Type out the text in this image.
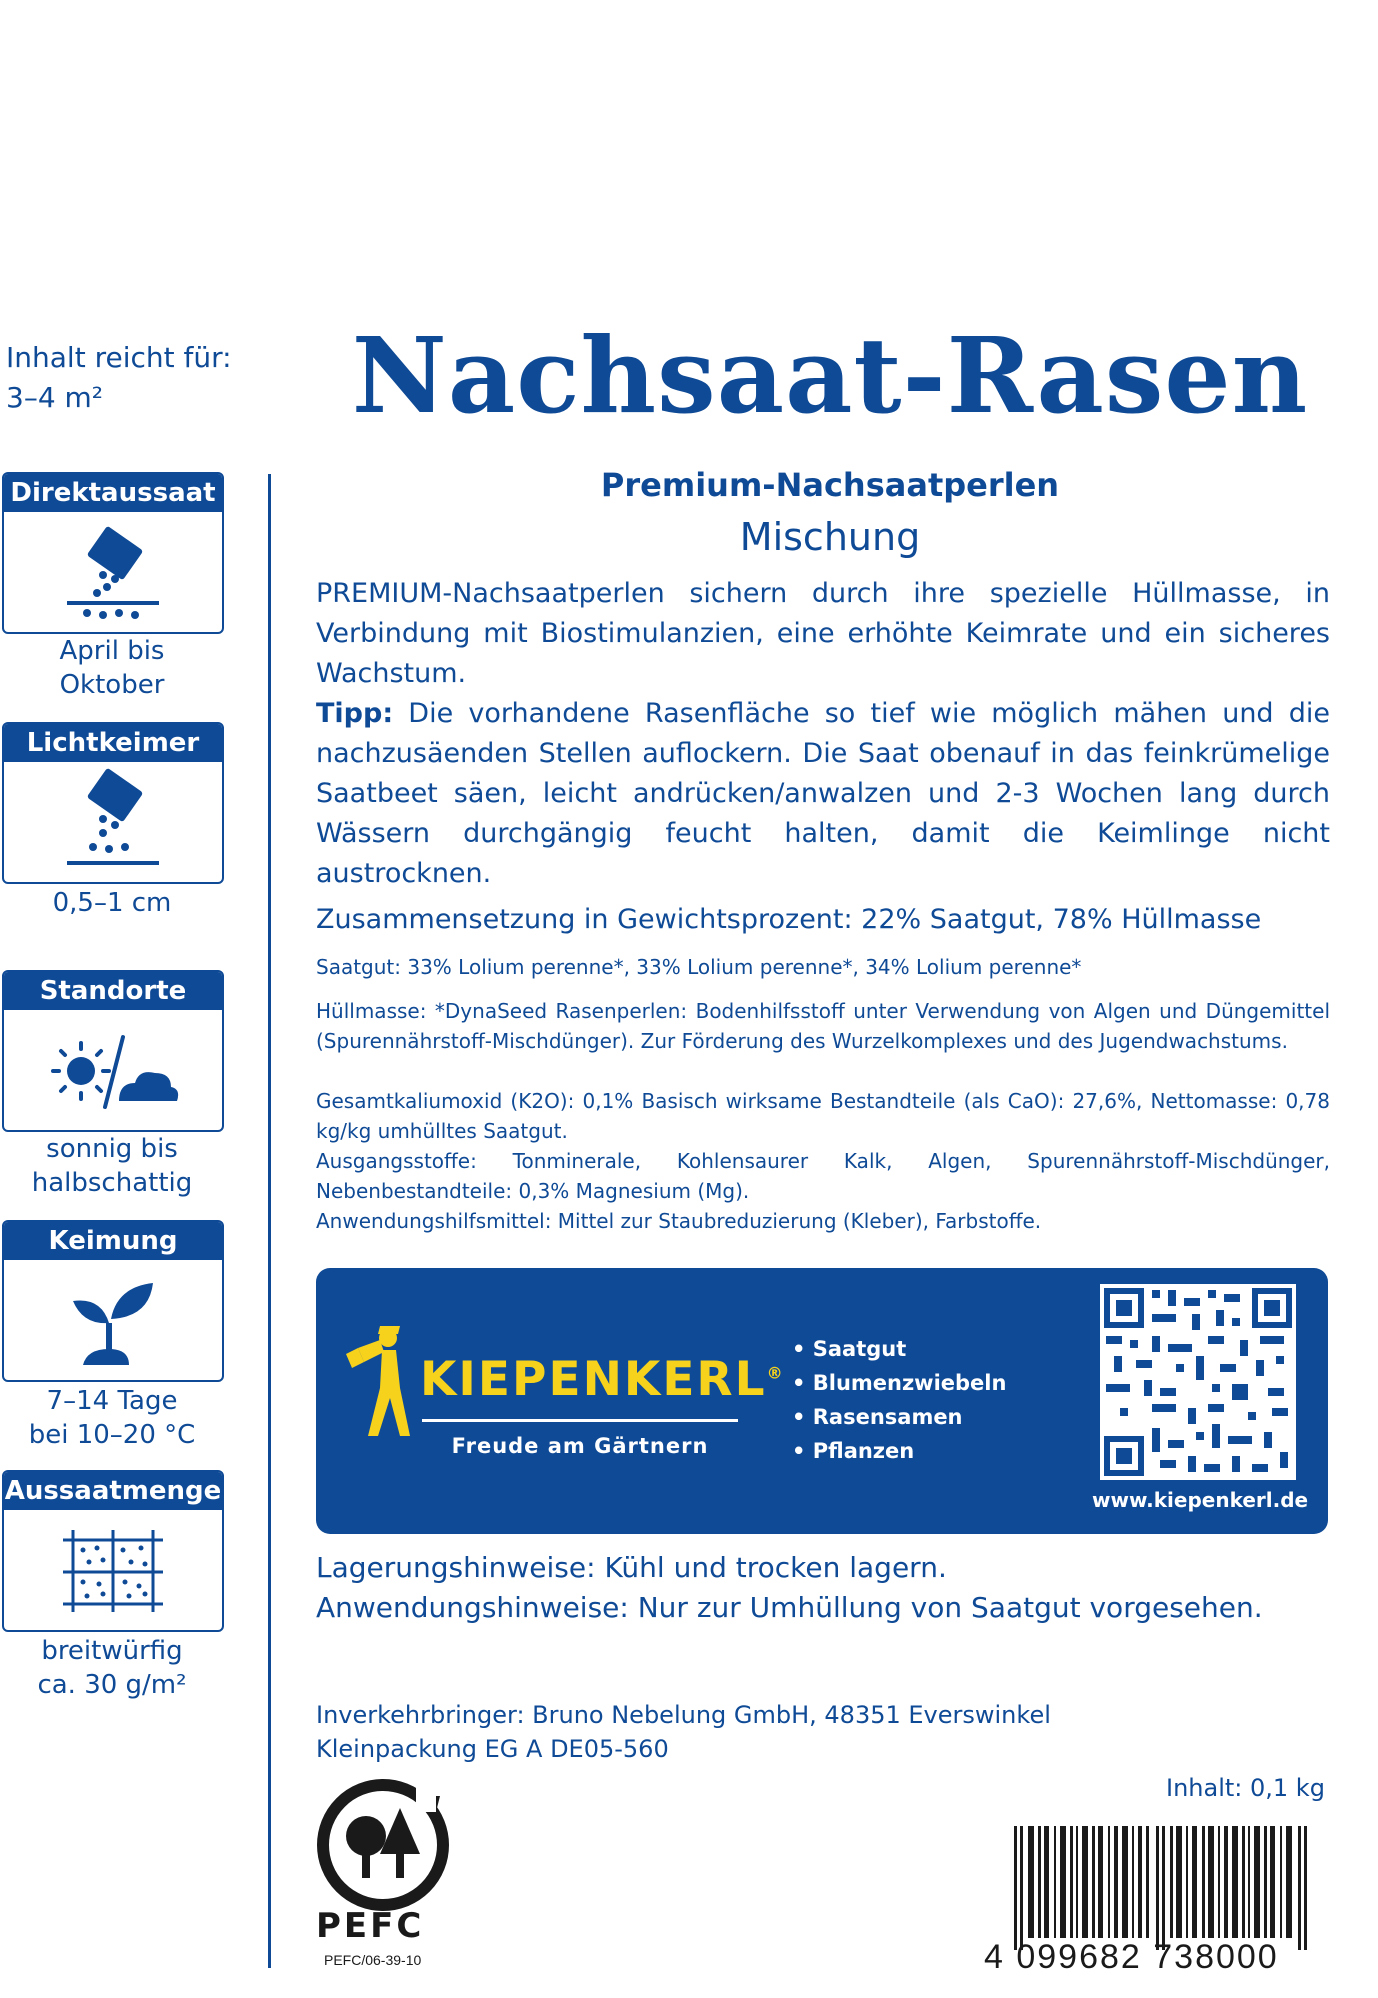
Inhalt reicht für:
3–4 m²
Direktaussaat
April bis
Oktober
Lichtkeimer
0,5–1 cm
Standorte
sonnig bis
halbschattig
Keimung
7–14 Tage
bei 10–20 °C
Aussaatmenge
breitwürfig
ca. 30 g/m²
Nachsaat-Rasen
Premium-Nachsaatperlen
Mischung
PREMIUM-Nachsaatperlen sichern durch ihre spezielle Hüllmasse, in Verbindung mit Biostimulanzien, eine erhöhte Keimrate und ein sicheres Wachstum.
Tipp: Die vorhandene Rasenfläche so tief wie möglich mähen und die nachzusäenden Stellen auflockern. Die Saat obenauf in das feinkrümelige Saatbeet säen, leicht andrücken/anwalzen und 2-3 Wochen lang durch Wässern durchgängig feucht halten, damit die Keimlinge nicht austrocknen.
Zusammensetzung in Gewichtsprozent: 22% Saatgut, 78% Hüllmasse
Saatgut: 33% Lolium perenne*, 33% Lolium perenne*, 34% Lolium perenne*
Hüllmasse: *DynaSeed Rasenperlen: Bodenhilfsstoff unter Verwendung von Algen und Düngemittel (Spurennährstoff-Mischdünger). Zur Förderung des Wurzelkomplexes und des Jugendwachstums.
Gesamtkaliumoxid (K2O): 0,1% Basisch wirksame Bestandteile (als CaO): 27,6%, Nettomasse: 0,78 kg/kg umhülltes Saatgut.
Ausgangsstoffe: Tonminerale, Kohlensaurer Kalk, Algen, Spurennährstoff-Mischdünger, Nebenbestandteile: 0,3% Magnesium (Mg).
Anwendungshilfsmittel: Mittel zur Staubreduzierung (Kleber), Farbstoffe.
KIEPENKERL®
Freude am Gärtnern
• Saatgut
• Blumenzwiebeln
• Rasensamen
• Pflanzen
www.kiepenkerl.de
Lagerungshinweise: Kühl und trocken lagern.
Anwendungshinweise: Nur zur Umhüllung von Saatgut vorgesehen.
Inverkehrbringer: Bruno Nebelung GmbH, 48351 Everswinkel
Kleinpackung EG A DE05-560
Inhalt: 0,1 kg
PEFC
PEFC/06-39-10	4 099682 738000
